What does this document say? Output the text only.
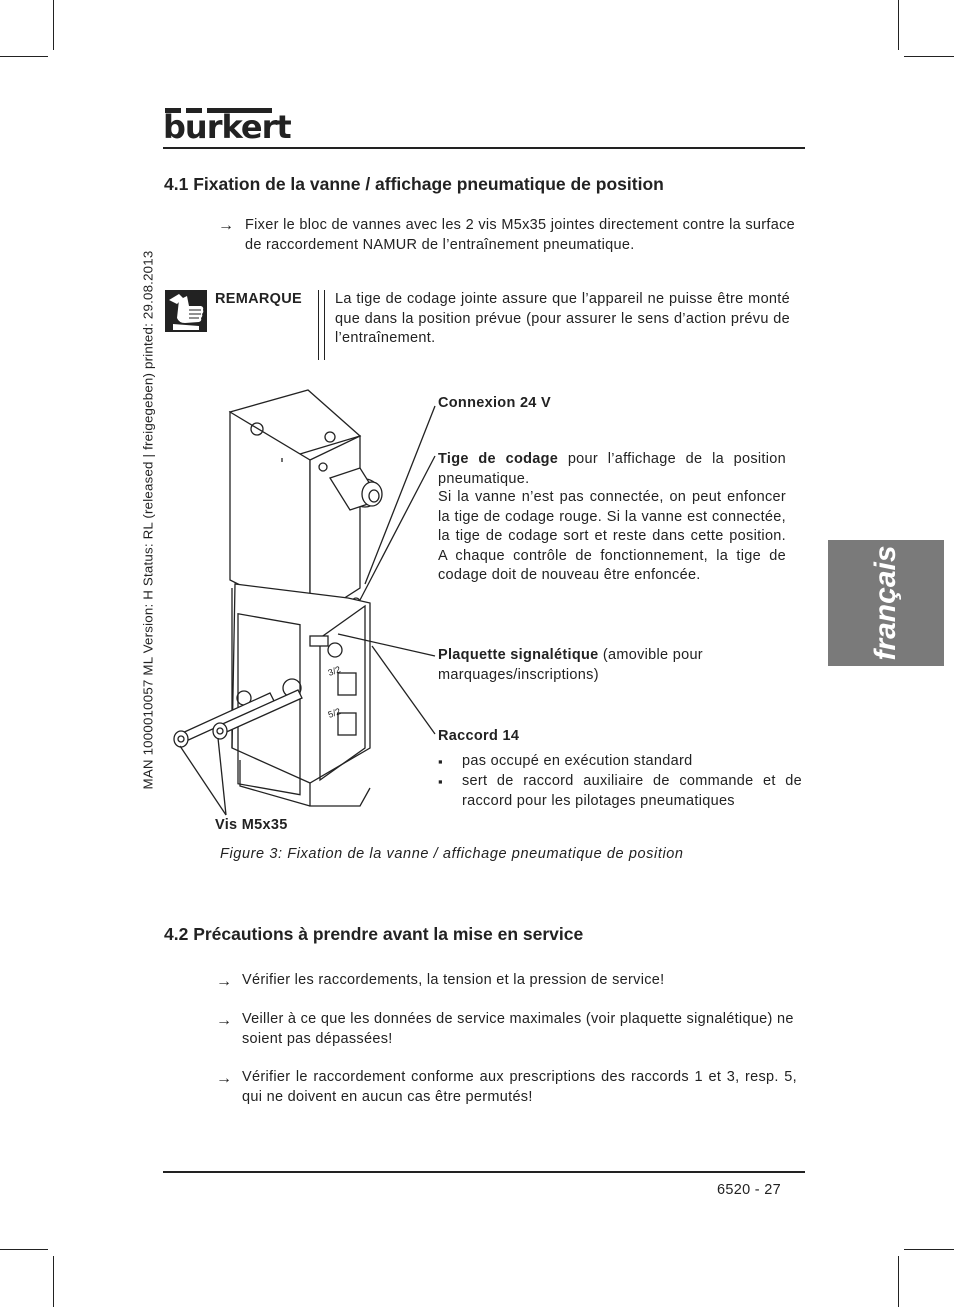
burkert
MAN 1000010057 ML Version: H Status: RL (released | freigegeben) printed: 29.08.2013	français
4.1 Fixation de la vanne / affichage pneumatique de position
→ Fixer le bloc de vannes avec les 2 vis M5x35 jointes directement contre la surface de raccordement NAMUR de l’entraînement pneumatique.
REMARQUE La tige de codage jointe assure que l’appareil ne puisse être monté que dans la position prévue (pour assurer le sens d’action prévu de l’entraînement.
3/2
5/2
Connexion 24 V
Tige de codage pour l’affichage de la position pneumatique.
Si la vanne n’est pas connectée, on peut enfoncer la tige de codage rouge. Si la vanne est connectée, la tige de codage sort et reste dans cette position. A chaque contrôle de fonctionnement, la tige de codage doit de nouveau être enfoncée.
Plaquette signalétique (amovible pour marquages/inscriptions)
Raccord 14
▪ pas occupé en exécution standard
▪ sert de raccord auxiliaire de commande et de raccord pour les pilotages pneumatiques
Vis M5x35
Figure 3: Fixation de la vanne / affichage pneumatique de position
4.2 Précautions à prendre avant la mise en service
→ Vérifier les raccordements, la tension et la pression de service!
→ Veiller à ce que les données de service maximales (voir plaquette signalétique) ne soient pas dépassées!
→ Vérifier le raccordement conforme aux prescriptions des raccords 1 et 3, resp. 5, qui ne doivent en aucun cas être permutés!
6520 - 27
